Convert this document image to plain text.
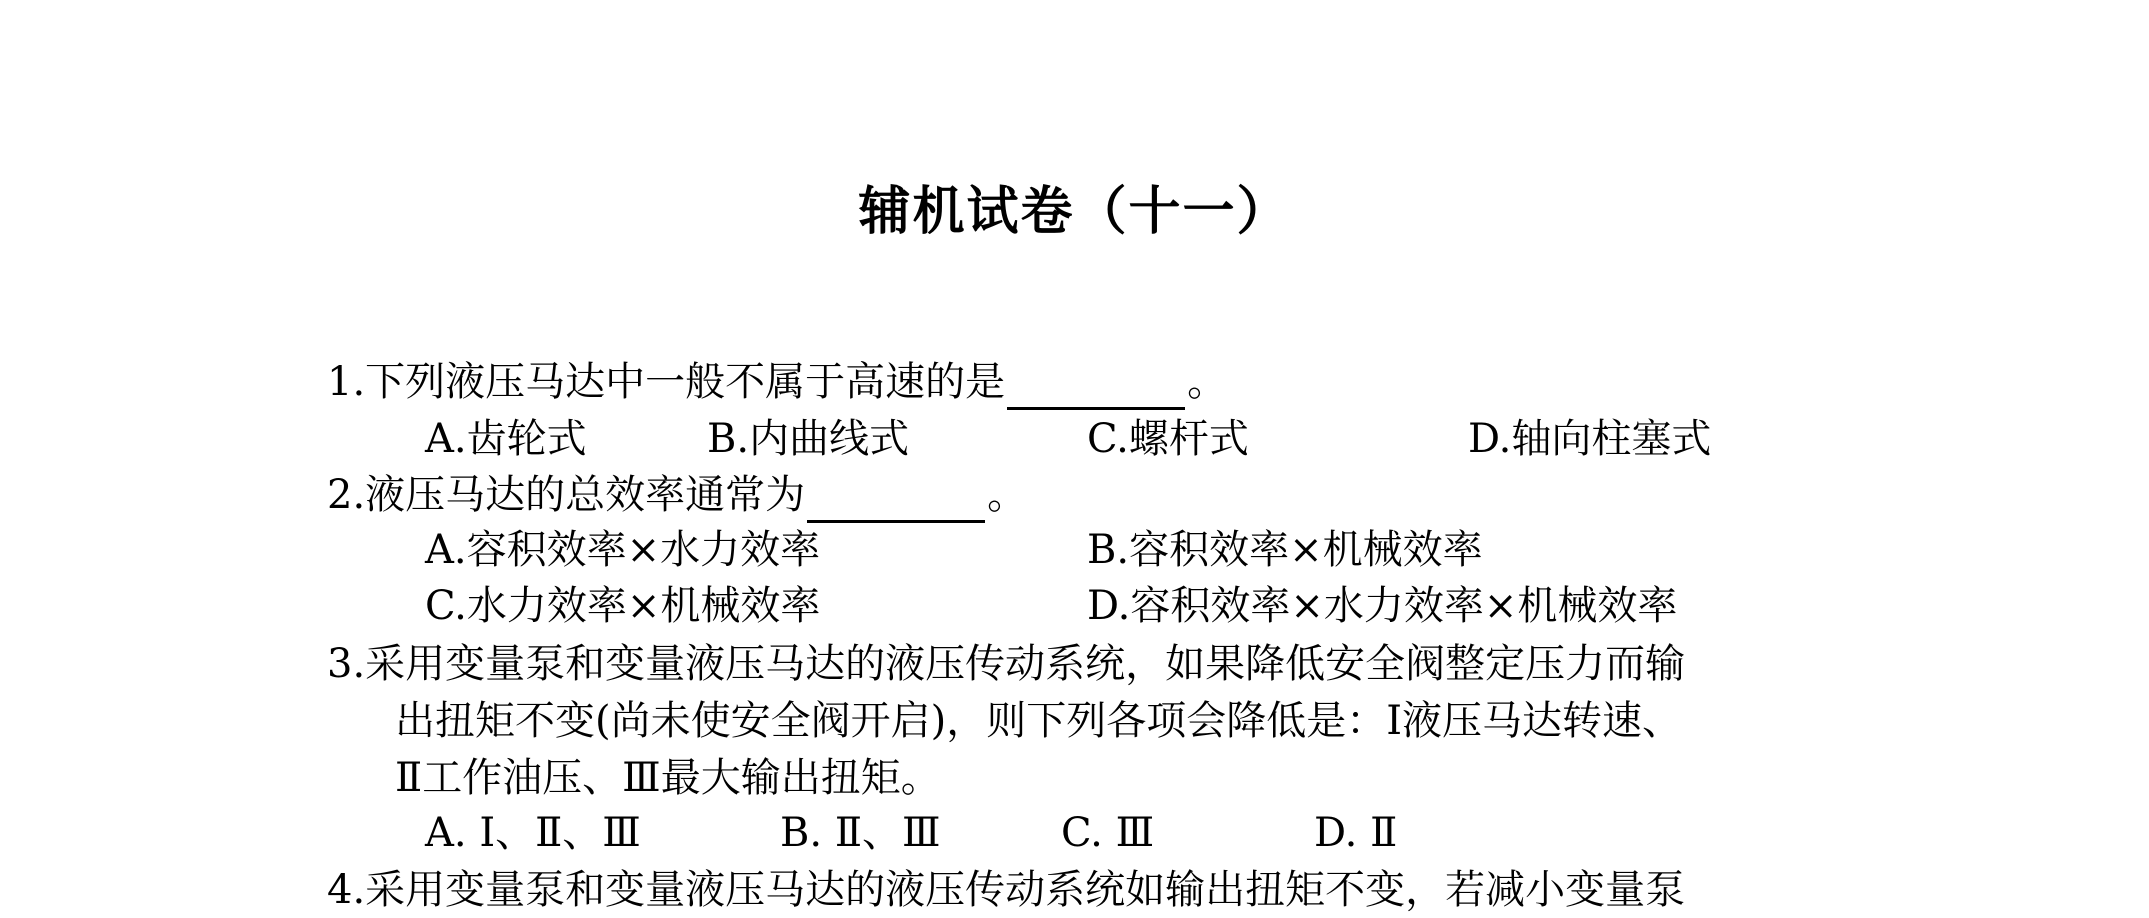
辅机试卷（十一）
1.下列液压马达中一般不属于高速的是	。
A.齿轮式	B.内曲线式	C.螺杆式	D.轴向柱塞式
2.液压马达的总效率通常为	。
A.容积效率×水力效率	B.容积效率×机械效率
C.水力效率×机械效率	D.容积效率×水力效率×机械效率
3.采用变量泵和变量液压马达的液压传动系统，如果降低安全阀整定压力而输
出扭矩不变(尚未使安全阀开启)，则下列各项会降低是：Ⅰ液压马达转速、
Ⅱ工作油压、Ⅲ最大输出扭矩。
A. Ⅰ、Ⅱ、Ⅲ	B. Ⅱ、Ⅲ	C. Ⅲ	D. Ⅱ
4.采用变量泵和变量液压马达的液压传动系统如输出扭矩不变，若减小变量泵
